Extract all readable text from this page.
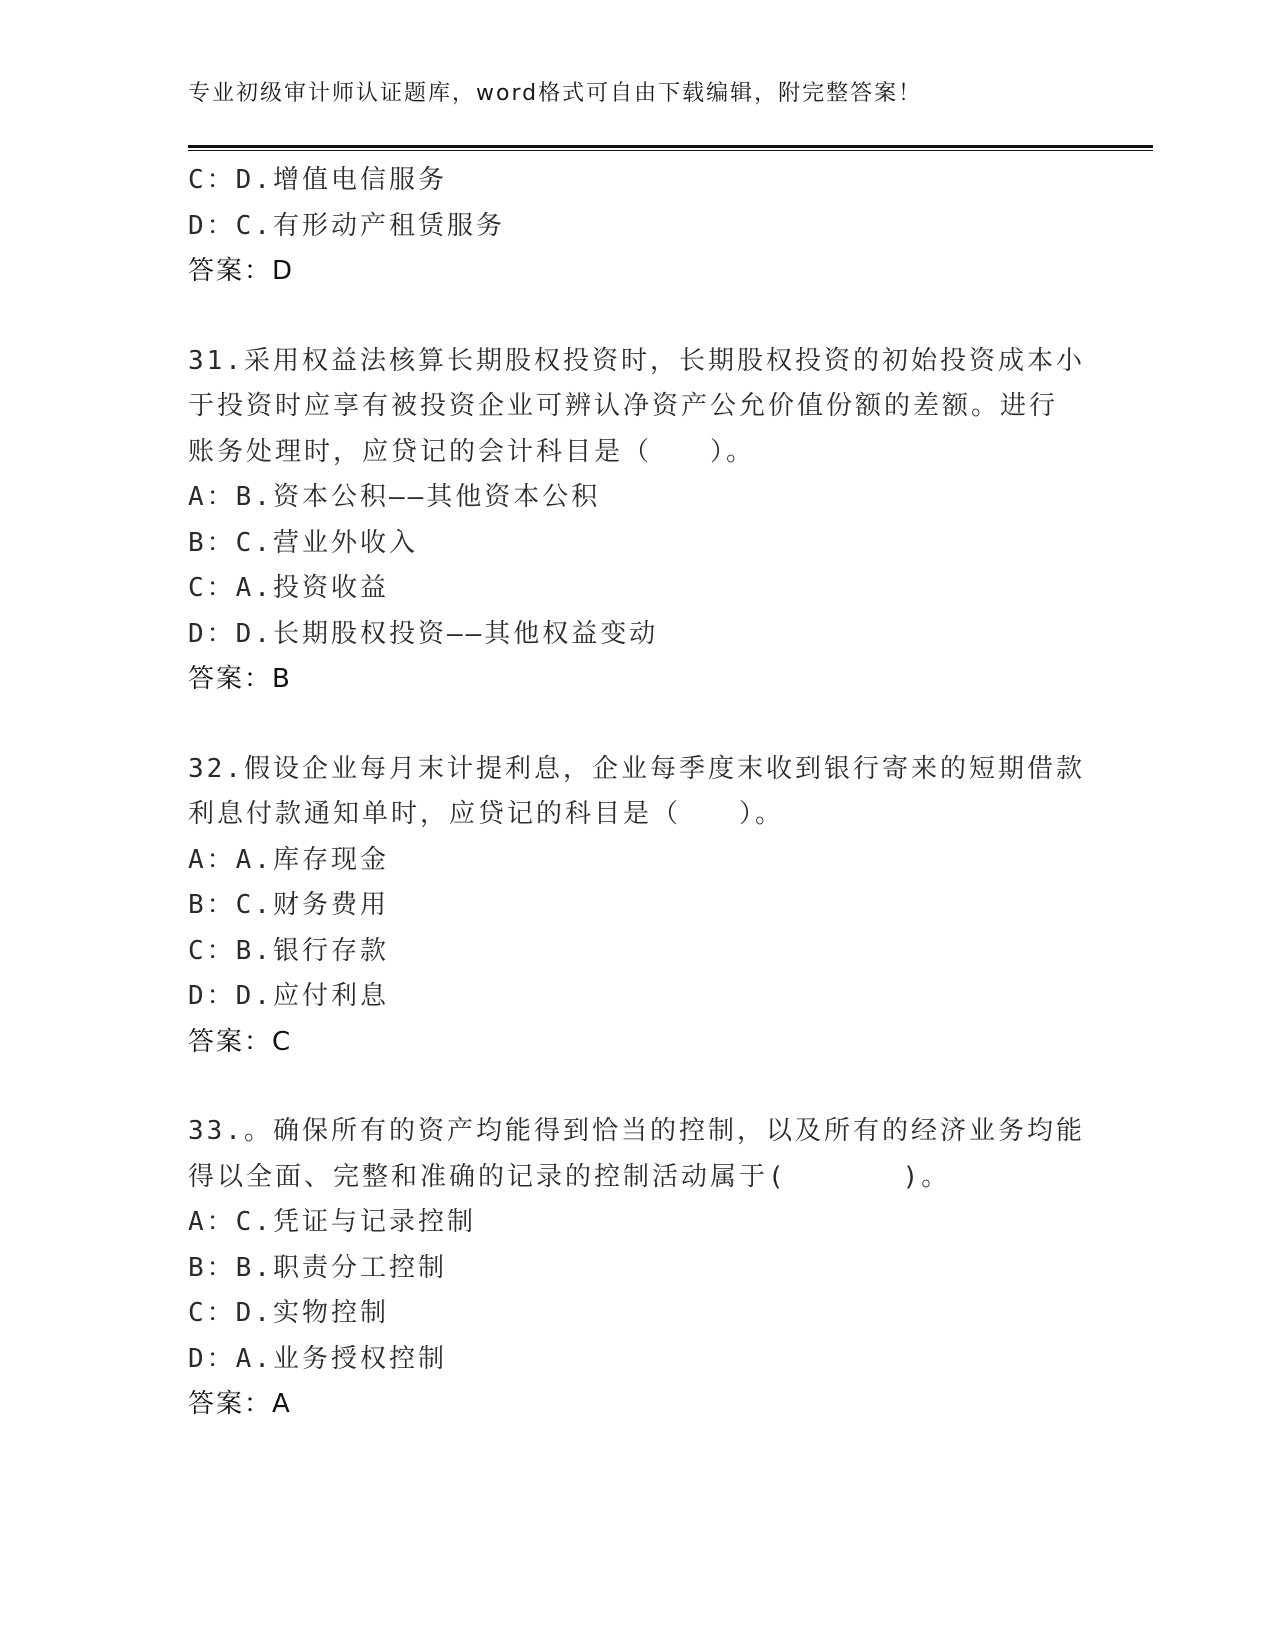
专业初级审计师认证题库，word格式可自由下载编辑，附完整答案！
C：D.增值电信服务
D：C.有形动产租赁服务
答案：D
31.采用权益法核算长期股权投资时，长期股权投资的初始投资成本小
于投资时应享有被投资企业可辨认净资产公允价值份额的差额。进行
账务处理时，应贷记的会计科目是（　　）。
A：B.资本公积——其他资本公积
B：C.营业外收入
C：A.投资收益
D：D.长期股权投资——其他权益变动
答案：B
32.假设企业每月末计提利息，企业每季度末收到银行寄来的短期借款
利息付款通知单时，应贷记的科目是（　　）。
A：A.库存现金
B：C.财务费用
C：B.银行存款
D：D.应付利息
答案：C
33.。确保所有的资产均能得到恰当的控制，以及所有的经济业务均能
得以全面、完整和准确的记录的控制活动属于(　　　　)。
A：C.凭证与记录控制
B：B.职责分工控制
C：D.实物控制
D：A.业务授权控制
答案：A
